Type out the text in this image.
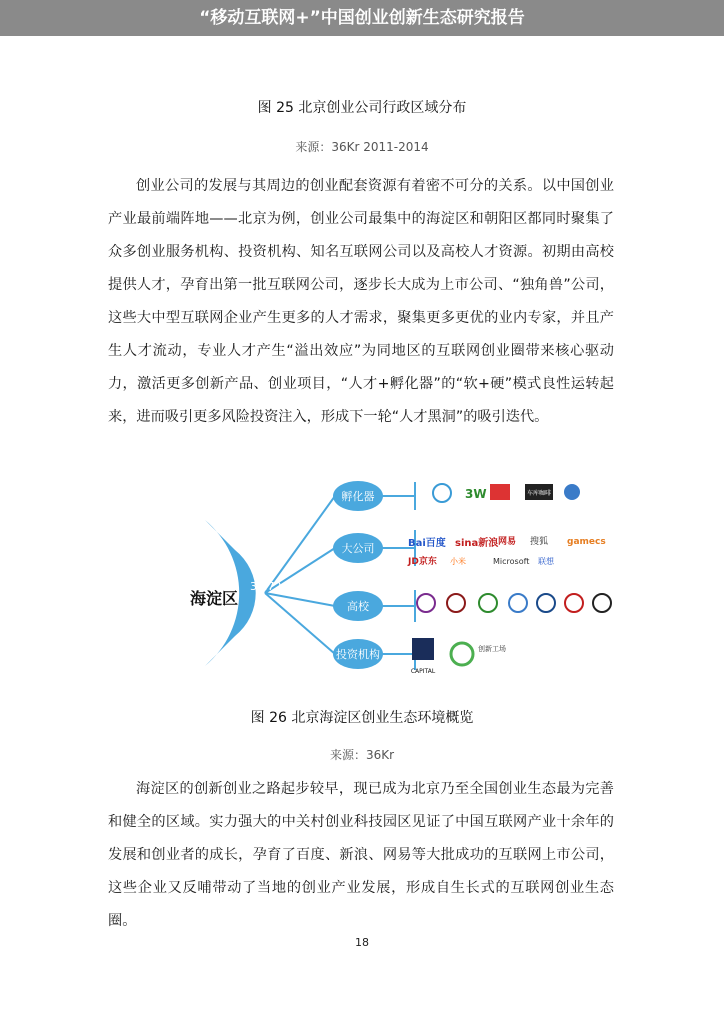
“移动互联网+”中国创业创新生态研究报告
图 25 北京创业公司行政区域分布
来源：36Kr 2011-2014

创业公司的发展与其周边的创业配套资源有着密不可分的关系。以中国创业产业最前端阵地——北京为例，创业公司最集中的海淀区和朝阳区都同时聚集了众多创业服务机构、投资机构、知名互联网公司以及高校人才资源。初期由高校提供人才，孕育出第一批互联网公司，逐步长大成为上市公司、“独角兽”公司，这些大中型互联网企业产生更多的人才需求，聚集更多更优的业内专家，并且产生人才流动，专业人才产生“溢出效应”为同地区的互联网创业圈带来核心驱动力，激活更多创新产品、创业项目，“人才+孵化器”的“软+硬”模式良性运转起来，进而吸引更多风险投资注入，形成下一轮“人才黑洞”的吸引迭代。

海淀区
36.72
%
孵化器
大公司
高校
投资机构
3W	车库咖啡
Bai百度 sina新浪 网易 搜狐 gamecs
JD京东 小米	Microsoft 联想
CAPITAL
创新工场
图 26 北京海淀区创业生态环境概览
来源：36Kr

海淀区的创新创业之路起步较早，现已成为北京乃至全国创业生态最为完善和健全的区域。实力强大的中关村创业科技园区见证了中国互联网产业十余年的发展和创业者的成长，孕育了百度、新浪、网易等大批成功的互联网上市公司，这些企业又反哺带动了当地的创业产业发展，形成自生长式的互联网创业生态圈。

18
